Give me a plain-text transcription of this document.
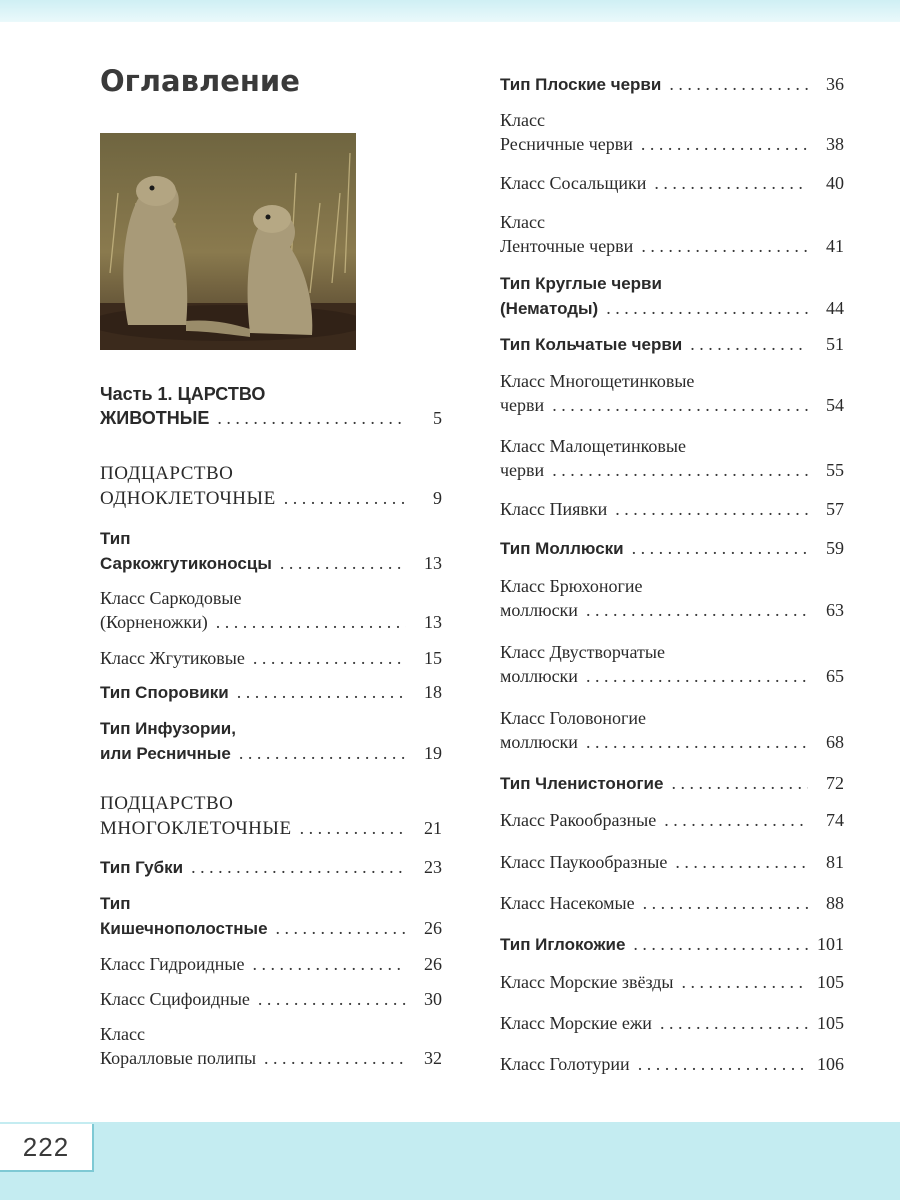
Оглавление
Часть 1. ЦАРСТВО
ЖИВОТНЫЕ . . .	5
ПОДЦАРСТВО
ОДНОКЛЕТОЧНЫЕ . . .	9
Тип
Саркожгутиконосцы . . .	13
Класс Саркодовые
(Корненожки) . . .	13
Класс Жгутиковые . . .	15
Тип Споровики . . .	18
Тип Инфузории,
или Ресничные . . .	19
ПОДЦАРСТВО
МНОГОКЛЕТОЧНЫЕ . . .	21
Тип Губки . . .	23
Тип
Кишечнополостные . . .	26
Класс Гидроидные . . .	26
Класс Сцифоидные . . .	30
Класс
Коралловые полипы . . .	32
Тип Плоские черви . . .	36
Класс
Ресничные черви . . .	38
Класс Сосальщики . . .	40
Класс
Ленточные черви . . .	41
Тип Круглые черви
(Нематоды) . . .	44
Тип Кольчатые черви . . .	51
Класс Многощетинковые
черви . . .	54
Класс Малощетинковые
черви . . .	55
Класс Пиявки . . .	57
Тип Моллюски . . .	59
Класс Брюхоногие
моллюски . . .	63
Класс Двустворчатые
моллюски . . .	65
Класс Головоногие
моллюски . . .	68
Тип Членистоногие . . .	72
Класс Ракообразные . . .	74
Класс Паукообразные . . .	81
Класс Насекомые . . .	88
Тип Иглокожие . . .	101
Класс Морские звёзды . . .	105
Класс Морские ежи . . .	105
Класс Голотурии . . .	106
222
